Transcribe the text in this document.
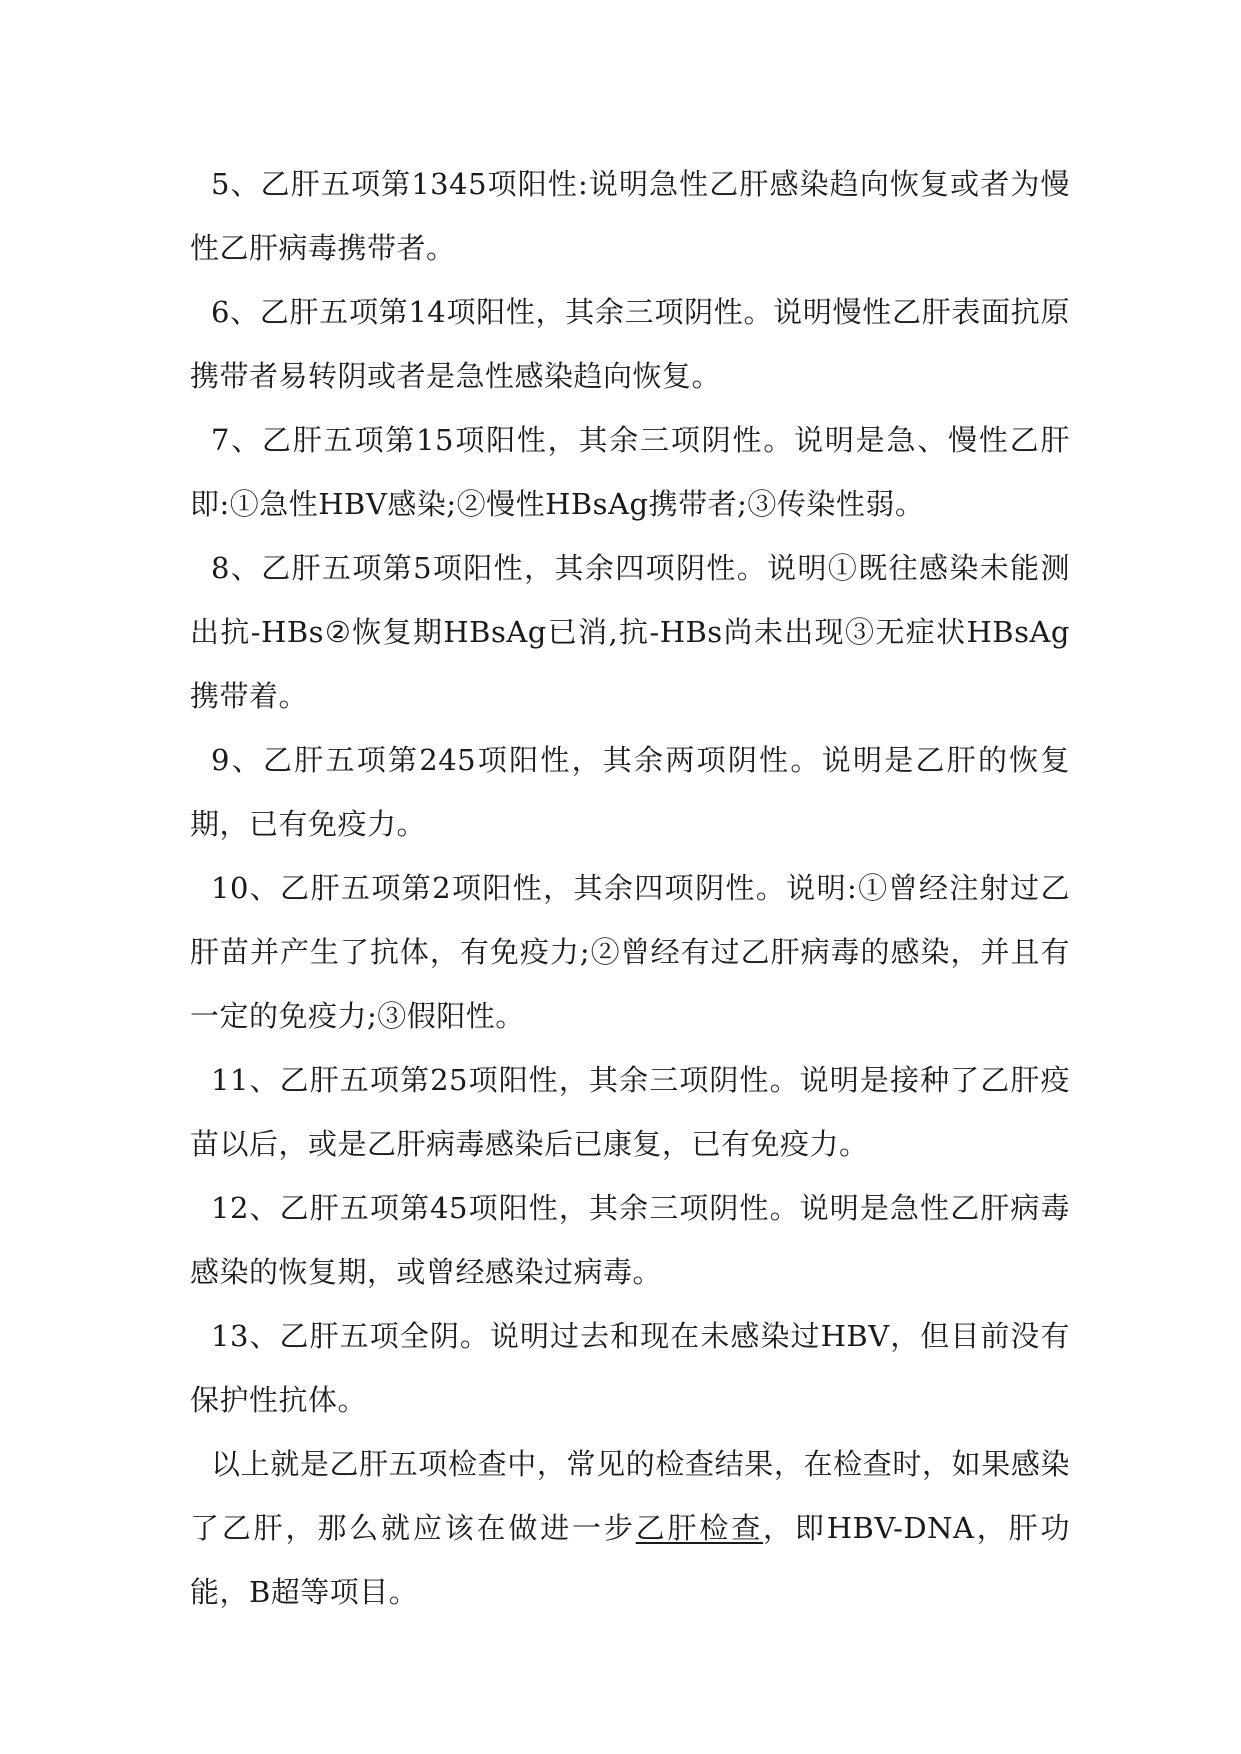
5、乙肝五项第1345项阳性:说明急性乙肝感染趋向恢复或者为慢性乙肝病毒携带者。

6、乙肝五项第14项阳性，其余三项阴性。说明慢性乙肝表面抗原携带者易转阴或者是急性感染趋向恢复。

7、乙肝五项第15项阳性，其余三项阴性。说明是急、慢性乙肝即:①急性HBV感染;②慢性HBsAg携带者;③传染性弱。

8、乙肝五项第5项阳性，其余四项阴性。说明①既往感染未能测出抗-HBs②恢复期HBsAg已消,抗-HBs尚未出现③无症状HBsAg携带着。

9、乙肝五项第245项阳性，其余两项阴性。说明是乙肝的恢复期，已有免疫力。

10、乙肝五项第2项阳性，其余四项阴性。说明:①曾经注射过乙肝苗并产生了抗体，有免疫力;②曾经有过乙肝病毒的感染，并且有一定的免疫力;③假阳性。

11、乙肝五项第25项阳性，其余三项阴性。说明是接种了乙肝疫苗以后，或是乙肝病毒感染后已康复，已有免疫力。

12、乙肝五项第45项阳性，其余三项阴性。说明是急性乙肝病毒感染的恢复期，或曾经感染过病毒。

13、乙肝五项全阴。说明过去和现在未感染过HBV，但目前没有保护性抗体。

以上就是乙肝五项检查中，常见的检查结果，在检查时，如果感染了乙肝，那么就应该在做进一步乙肝检查，即HBV-DNA，肝功能，B超等项目。
